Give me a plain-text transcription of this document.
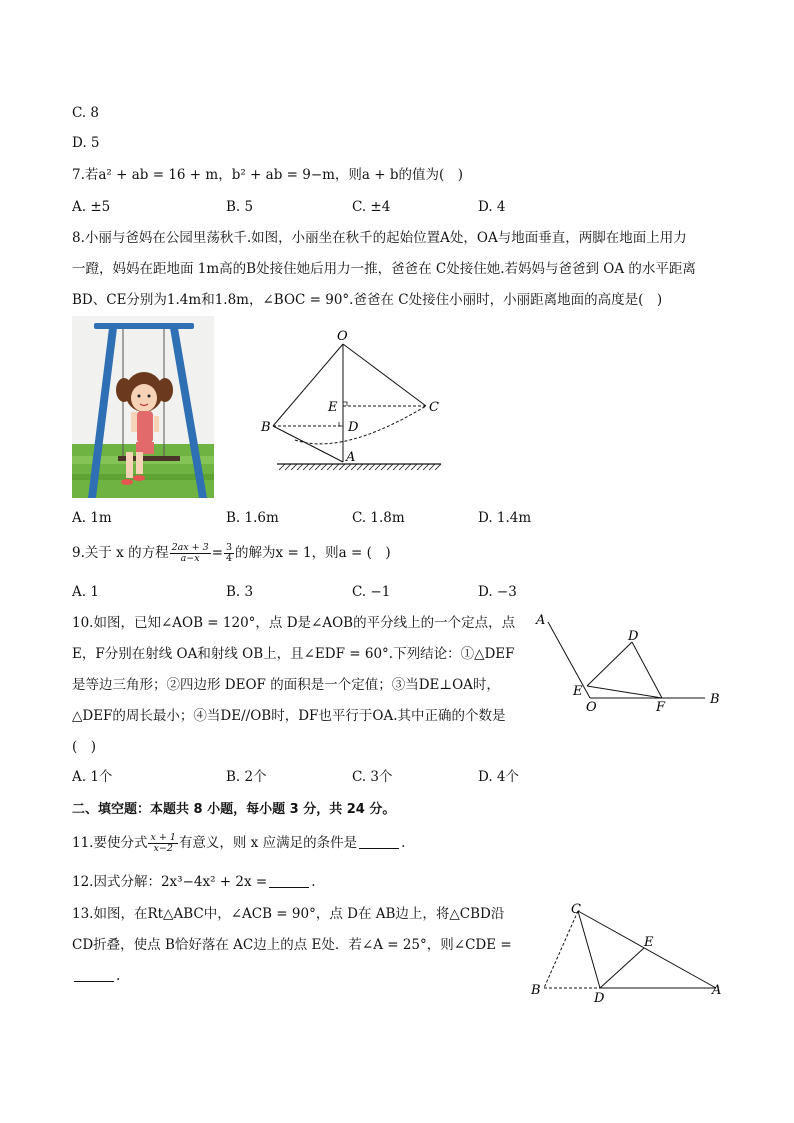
C. 8
D. 5
7.若a² + ab = 16 + m，b² + ab = 9−m，则a + b的值为(　)
A. ±5	B. 5	C. ±4	D. 4
8.小丽与爸妈在公园里荡秋千.如图，小丽坐在秋千的起始位置A处，OA与地面垂直，两脚在地面上用力
一蹬，妈妈在距地面 1m高的B处接住她后用力一推，爸爸在 C处接住她.若妈妈与爸爸到 OA 的水平距离
BD、CE分别为1.4m和1.8m，∠BOC = 90°.爸爸在 C处接住小丽时，小丽距离地面的高度是(　)
O
E	C
B	D
A
A. 1m	B. 1.6m	C. 1.8m	D. 1.4m
9.关于 x 的方程 $\frac{2ax + 3}{a-x} = \frac{3}{4}$ 的解为x = 1，则a = (　)
A. 1	B. 3	C. −1	D. −3
10.如图，已知∠AOB = 120°，点 D是∠AOB的平分线上的一个定点，点
E，F分别在射线 OA和射线 OB上，且∠EDF = 60°.下列结论：①△DEF
是等边三角形；②四边形 DEOF 的面积是一个定值；③当DE⊥OA时，
△DEF的周长最小；④当DE//OB时，DF也平行于OA.其中正确的个数是
(　)
A
D
E
O	F
B
A. 1个	B. 2个	C. 3个	D. 4个
二、填空题：本题共 8 小题，每小题 3 分，共 24 分。
11.要使分式 $\frac{x + 1}{x-2}$ 有意义，则 x 应满足的条件是	.
12.因式分解：2x³−4x² + 2x =	.
13.如图，在Rt△ABC中，∠ACB = 90°，点 D在 AB边上，将△CBD沿
CD折叠，使点 B恰好落在 AC边上的点 E处．若∠A = 25°，则∠CDE =
.
C
E
B
D
A
